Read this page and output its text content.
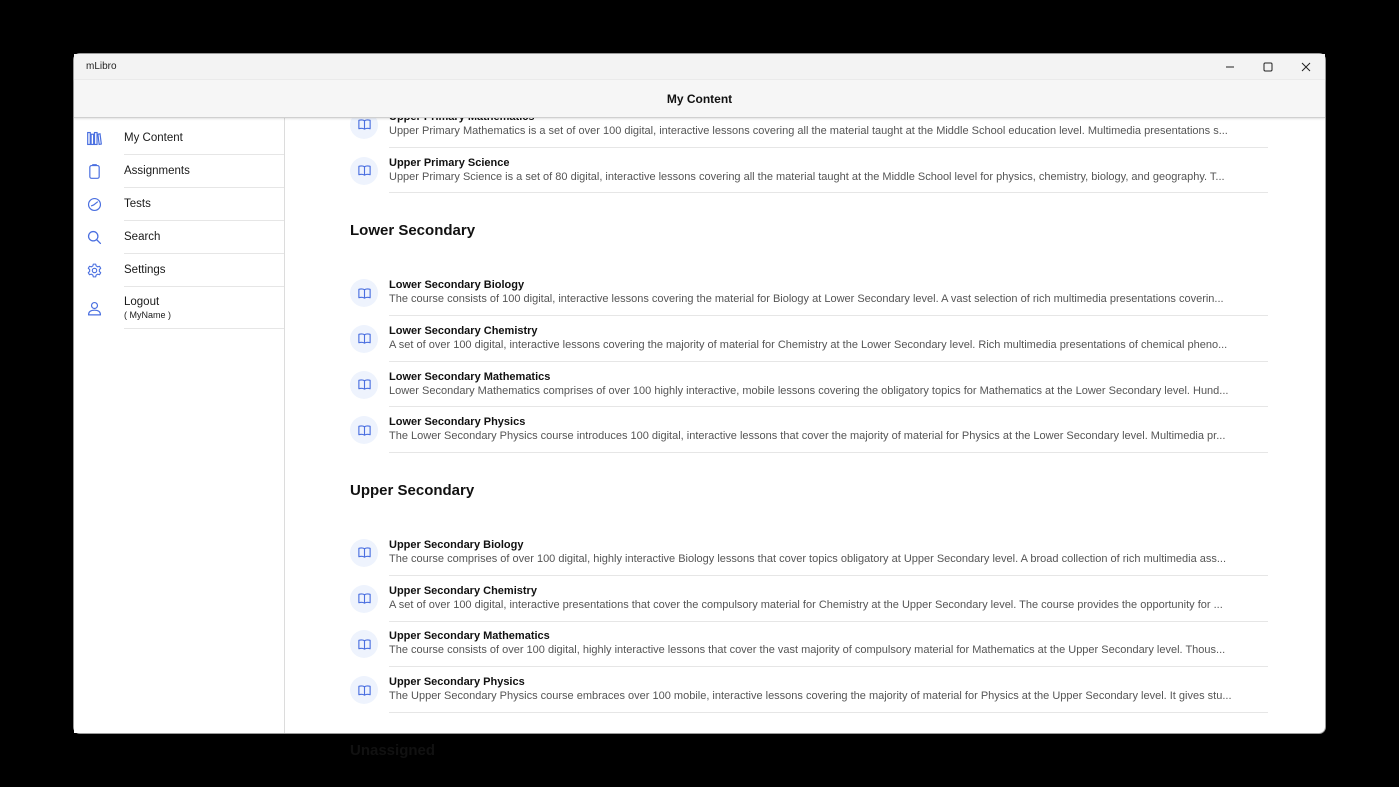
mLibro
My Content
My Content
Assignments
Tests
Search
Settings
Logout
( MyName )
Upper Primary Mathematics is a set of over 100 digital, interactive lessons covering all the material taught at the Middle School education level. Multimedia presentations s...
Upper Primary Science
Upper Primary Science is a set of 80 digital, interactive lessons covering all the material taught at the Middle School level for physics, chemistry, biology, and geography. T...
Lower Secondary
Lower Secondary Biology
The course consists of 100 digital, interactive lessons covering the material for Biology at Lower Secondary level. A vast selection of rich multimedia presentations coverin...
Lower Secondary Chemistry
A set of over 100 digital, interactive lessons covering the majority of material for Chemistry at the Lower Secondary level. Rich multimedia presentations of chemical pheno...
Lower Secondary Mathematics
Lower Secondary Mathematics comprises of over 100 highly interactive, mobile lessons covering the obligatory topics for Mathematics at the Lower Secondary level. Hund...
Lower Secondary Physics
The Lower Secondary Physics course introduces 100 digital, interactive lessons that cover the majority of material for Physics at the Lower Secondary level. Multimedia pr...
Upper Secondary
Upper Secondary Biology
The course comprises of over 100 digital, highly interactive Biology lessons that cover topics obligatory at Upper Secondary level. A broad collection of rich multimedia ass...
Upper Secondary Chemistry
A set of over 100 digital, interactive presentations that cover the compulsory material for Chemistry at the Upper Secondary level. The course provides the opportunity for ...
Upper Secondary Mathematics
The course consists of over 100 digital, highly interactive lessons that cover the vast majority of compulsory material for Mathematics at the Upper Secondary level. Thous...
Upper Secondary Physics
The Upper Secondary Physics course embraces over 100 mobile, interactive lessons covering the majority of material for Physics at the Upper Secondary level. It gives stu...
Unassigned
